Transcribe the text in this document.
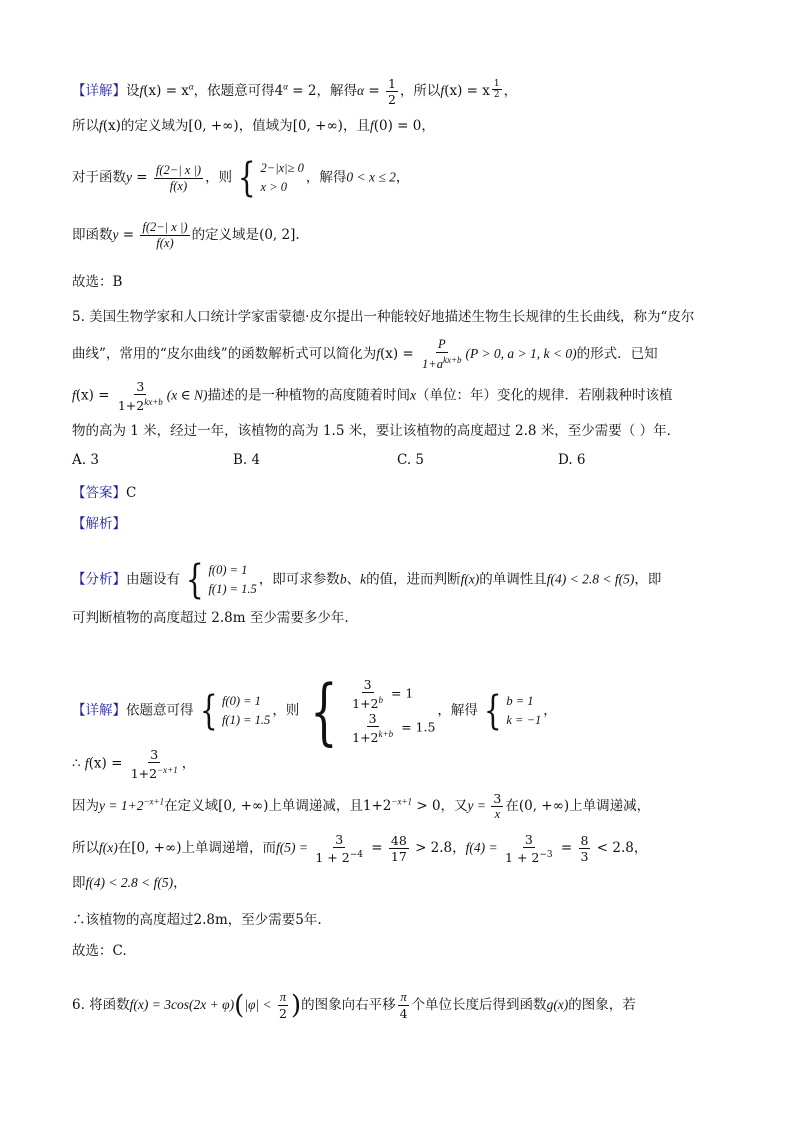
【详解】设$f(x) = x^\alpha$，依题意可得$4^\alpha = 2$，解得$\alpha = \frac{1}{2}$ ，所以f(x) = x $\frac{1}{2}$ ，
所以f(x)的定义域为[0, +∞)，值域为[0, +∞)，且f(0) = 0，
对于函数$y = \frac{f(2-| x |)}{f(x)}$ ，则 { 2−|x|≥ 0
x > 0
，解得0 < x ≤ 2，
即函数$y = \frac{f(2-| x |)}{f(x)}$ 的定义域是(0, 2].
故选：B
5. 美国生物学家和人口统计学家雷蒙德·皮尔提出一种能较好地描述生物生长规律的生长曲线，称为“皮尔
曲线”，常用的“皮尔曲线”的函数解析式可以简化为$f(x) = \frac{P}{1+a^{kx+b}} (P > 0$, a > 1, k < 0)的形式．已知
$f(x) = \frac{3}{1+2^{kx+b}} (x$ ∈ N)描述的是一种植物的高度随着时间x（单位：年）变化的规律．若刚栽种时该植
物的高为 1 米，经过一年，该植物的高为 1.5 米，要让该植物的高度超过 2.8 米，至少需要（ ）年．
A. 3	B. 4	C. 5	D. 6
【答案】C
【解析】
【分析】由题设有 { f(0) = 1
f(1) = 1.5
，即可求参数b、k的值，进而判断f(x)的单调性且f(4) < 2.8 < f(5)，即
可判断植物的高度超过 2.8m 至少需要多少年.
【详解】依题意可得 { f(0) = 1
f(1) = 1.5
，则 { $\frac{3}{1+2^b} = 1$
$\frac{3}{1+2^{k+b}} = 1.5$
，解得 { b = 1
k = −1
，
∴ $f(x) = \frac{3}{1+2^{-x+1}}$ ，
因为$y = 1+2^{-x+1}$在定义域[0, +∞)上单调递减，且$1+2^{-x+1} > 0$，又$y = \frac{3}{x}$ 在(0, +∞)上单调递减，
所以f(x)在[0, +∞)上单调递增，而$f(5) = \frac{3}{1 + 2^{-4}} = \frac{48}{17} > 2.8$，$f(4) = \frac{3}{1 + 2^{-3}} = \frac{8}{3} < 2.8$，
即f(4) < 2.8 < f(5)，
∴该植物的高度超过2.8m，至少需要5年.
故选：C.
6. 将函数$f(x) = 3\cos(2x + \varphi)(|\varphi| < \frac{\pi}{2}$ )的图象向右平移 $\frac{\pi}{4}$ 个单位长度后得到函数g(x)的图象，若
